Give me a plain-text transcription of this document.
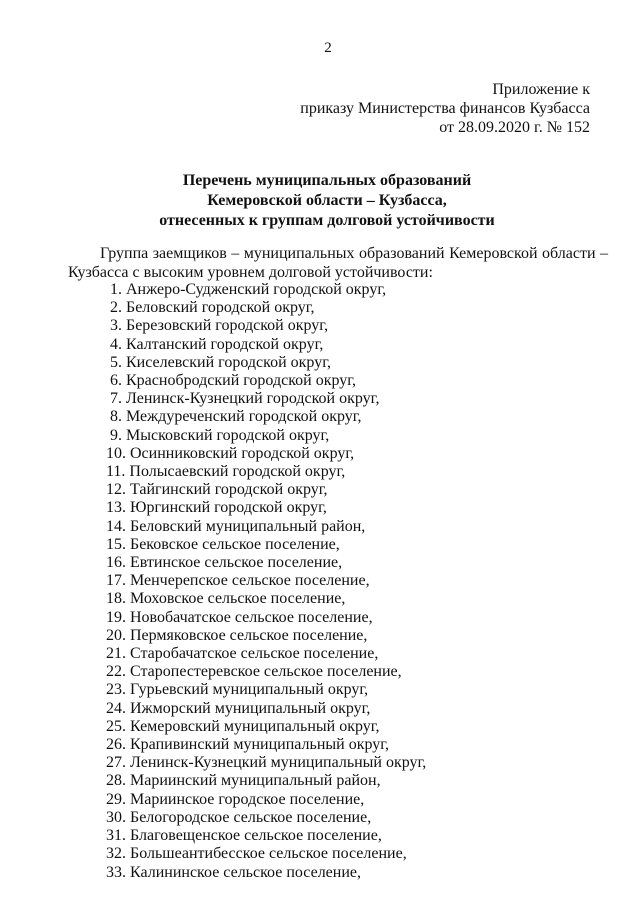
2
Приложение к
приказу Министерства финансов Кузбасса
от 28.09.2020 г. № 152
Перечень муниципальных образований
Кемеровской области – Кузбасса,
отнесенных к группам долговой устойчивости
Группа заемщиков – муниципальных образований Кемеровской области – Кузбасса с высоким уровнем долговой устойчивости:
1. Анжеро-Судженский городской округ,
2. Беловский городской округ,
3. Березовский городской округ,
4. Калтанский городской округ,
5. Киселевский городской округ,
6. Краснобродский городской округ,
7. Ленинск-Кузнецкий городской округ,
8. Междуреченский городской округ,
9. Мысковский городской округ,
10. Осинниковский городской округ,
11. Полысаевский городской округ,
12. Тайгинский городской округ,
13. Юргинский городской округ,
14. Беловский муниципальный район,
15. Бековское сельское поселение,
16. Евтинское сельское поселение,
17. Менчерепское сельское поселение,
18. Моховское сельское поселение,
19. Новобачатское сельское поселение,
20. Пермяковское сельское поселение,
21. Старобачатское сельское поселение,
22. Старопестеревское сельское поселение,
23. Гурьевский муниципальный округ,
24. Ижморский муниципальный округ,
25. Кемеровский муниципальный округ,
26. Крапивинский муниципальный округ,
27. Ленинск-Кузнецкий муниципальный округ,
28. Мариинский муниципальный район,
29. Мариинское городское поселение,
30. Белогородское сельское поселение,
31. Благовещенское сельское поселение,
32. Большеантибесское сельское поселение,
33. Калининское сельское поселение,
